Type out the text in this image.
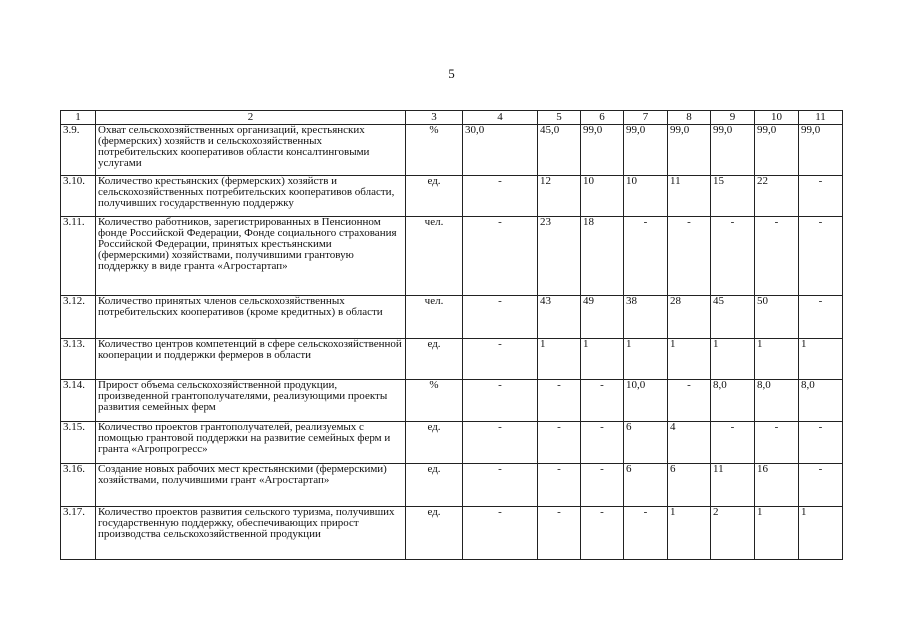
5
1	2	3	4	5	6	7	8	9	10	11
3.9.	Охват сельскохозяйственных организаций, крестьянских (фермерских) хозяйств и сельскохозяйственных потребительских кооперативов области консалтинговыми услугами	%	30,0	45,0	99,0	99,0	99,0	99,0	99,0	99,0
3.10.	Количество крестьянских (фермерских) хозяйств и сельскохозяйственных потребительских кооперативов области, получивших государственную поддержку	ед.	-	12	10	10	11	15	22	-
3.11.	Количество работников, зарегистрированных в Пенсионном фонде Российской Федерации, Фонде социального страхования Российской Федерации, принятых крестьянскими (фермерскими) хозяйствами, получившими грантовую поддержку в виде гранта «Агростартап»	чел.	-	23	18	-	-	-	-	-
3.12.	Количество принятых членов сельскохозяйственных потребительских кооперативов (кроме кредитных) в области	чел.	-	43	49	38	28	45	50	-
3.13.	Количество центров компетенций в сфере сельскохозяйственной кооперации и поддержки фермеров в области	ед.	-	1	1	1	1	1	1	1
3.14.	Прирост объема сельскохозяйственной продукции, произведенной грантополучателями, реализующими проекты развития семейных ферм	%	-	-	-	10,0	-	8,0	8,0	8,0
3.15.	Количество проектов грантополучателей, реализуемых с помощью грантовой поддержки на развитие семейных ферм и гранта «Агропрогресс»	ед.	-	-	-	6	4	-	-	-
3.16.	Создание новых рабочих мест крестьянскими (фермерскими) хозяйствами, получившими грант «Агростартап»	ед.	-	-	-	6	6	11	16	-
3.17.	Количество проектов развития сельского туризма, получивших государственную поддержку, обеспечивающих прирост производства сельскохозяйственной продукции	ед.	-	-	-	-	1	2	1	1
